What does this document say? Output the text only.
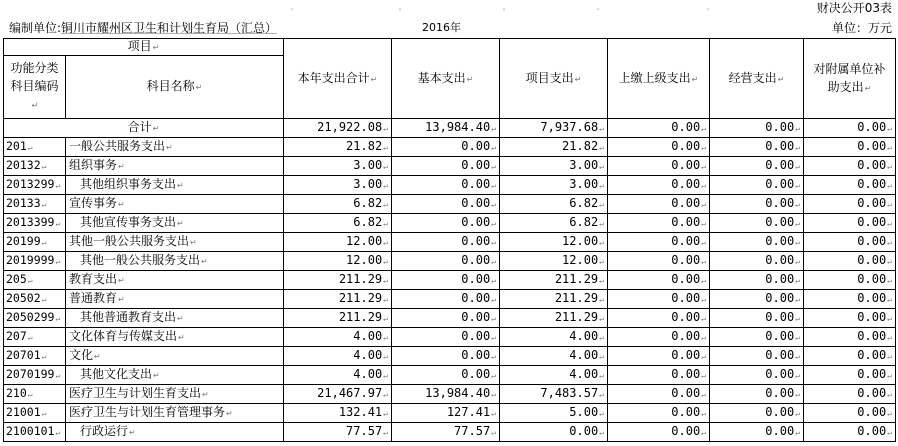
财决公开03表
编制单位:铜川市耀州区卫生和计划生育局（汇总）	2016年	单位：万元
ˇ	ˇ	ˇ	ˇ	ˇ
项目↵		本年支出合计↵	基本支出↵	项目支出↵	上缴上级支出↵	经营支出↵	对附属单位补助支出↵
功能分类科目编码↵	科目名称↵						
合计↵		21,922.08↵	13,984.40↵	7,937.68↵	0.00↵	0.00↵	0.00↵
201↵	一般公共服务支出↵	21.82↵	0.00↵	21.82↵	0.00↵	0.00↵	0.00↵
20132↵	组织事务↵	3.00↵	0.00↵	3.00↵	0.00↵	0.00↵	0.00↵
2013299↵	其他组织事务支出↵	3.00↵	0.00↵	3.00↵	0.00↵	0.00↵	0.00↵
20133↵	宣传事务↵	6.82↵	0.00↵	6.82↵	0.00↵	0.00↵	0.00↵
2013399↵	其他宣传事务支出↵	6.82↵	0.00↵	6.82↵	0.00↵	0.00↵	0.00↵
20199↵	其他一般公共服务支出↵	12.00↵	0.00↵	12.00↵	0.00↵	0.00↵	0.00↵
2019999↵	其他一般公共服务支出↵	12.00↵	0.00↵	12.00↵	0.00↵	0.00↵	0.00↵
205↵	教育支出↵	211.29↵	0.00↵	211.29↵	0.00↵	0.00↵	0.00↵
20502↵	普通教育↵	211.29↵	0.00↵	211.29↵	0.00↵	0.00↵	0.00↵
2050299↵	其他普通教育支出↵	211.29↵	0.00↵	211.29↵	0.00↵	0.00↵	0.00↵
207↵	文化体育与传媒支出↵	4.00↵	0.00↵	4.00↵	0.00↵	0.00↵	0.00↵
20701↵	文化↵	4.00↵	0.00↵	4.00↵	0.00↵	0.00↵	0.00↵
2070199↵	其他文化支出↵	4.00↵	0.00↵	4.00↵	0.00↵	0.00↵	0.00↵
210↵	医疗卫生与计划生育支出↵	21,467.97↵	13,984.40↵	7,483.57↵	0.00↵	0.00↵	0.00↵
21001↵	医疗卫生与计划生育管理事务↵	132.41↵	127.41↵	5.00↵	0.00↵	0.00↵	0.00↵
2100101↵	行政运行↵	77.57↵	77.57↵	0.00↵	0.00↵	0.00↵	0.00↵
